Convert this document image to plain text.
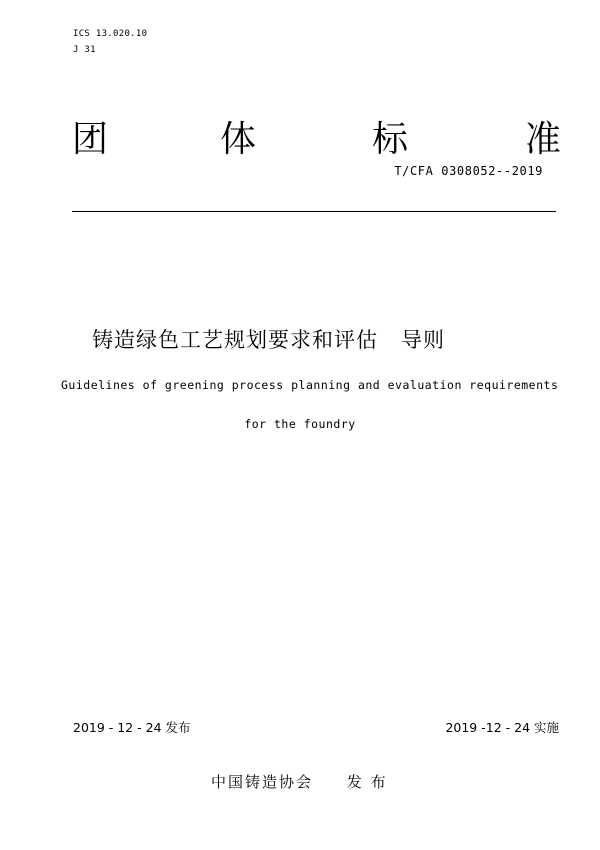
ICS 13.020.10
J 31
团	体	标	准
T/CFA 0308052--2019
铸造绿色工艺规划要求和评估   导则
Guidelines of greening process planning and evaluation requirements
for the foundry
2019 - 12 - 24 发布	2019 -12 - 24 实施
中国铸造协会     发 布
